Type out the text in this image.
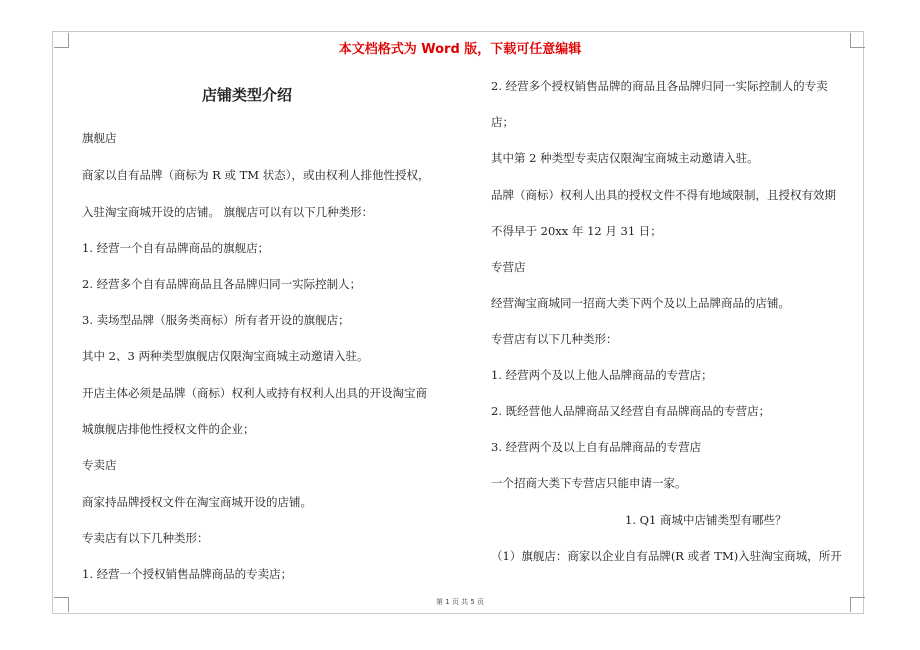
本文档格式为 Word 版，下载可任意编辑
店铺类型介绍
旗舰店
商家以自有品牌（商标为 R 或 TM 状态），或由权利人排他性授权，
入驻淘宝商城开设的店铺。 旗舰店可以有以下几种类形：
1. 经营一个自有品牌商品的旗舰店；
2. 经营多个自有品牌商品且各品牌归同一实际控制人；
3. 卖场型品牌（服务类商标）所有者开设的旗舰店；
其中 2、3 两种类型旗舰店仅限淘宝商城主动邀请入驻。
开店主体必须是品牌（商标）权利人或持有权利人出具的开设淘宝商
城旗舰店排他性授权文件的企业；
专卖店
商家持品牌授权文件在淘宝商城开设的店铺。
专卖店有以下几种类形：
1. 经营一个授权销售品牌商品的专卖店；
2. 经营多个授权销售品牌的商品且各品牌归同一实际控制人的专卖
店；
其中第 2 种类型专卖店仅限淘宝商城主动邀请入驻。
品牌（商标）权利人出具的授权文件不得有地域限制，且授权有效期
不得早于 20xx 年 12 月 31 日；
专营店
经营淘宝商城同一招商大类下两个及以上品牌商品的店铺。
专营店有以下几种类形：
1. 经营两个及以上他人品牌商品的专营店；
2. 既经营他人品牌商品又经营自有品牌商品的专营店；
3. 经营两个及以上自有品牌商品的专营店
一个招商大类下专营店只能申请一家。
1. Q1 商城中店铺类型有哪些？
（1）旗舰店：商家以企业自有品牌(R 或者 TM)入驻淘宝商城，所开
第 1 页 共 5 页
